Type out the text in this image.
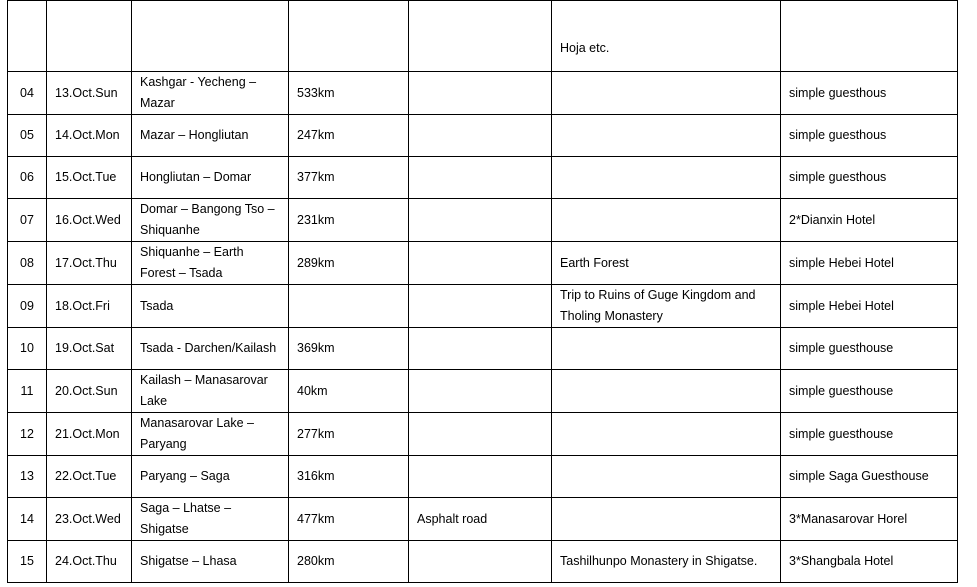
					Hoja etc.	
04	13.Oct.Sun	Kashgar - Yecheng – Mazar	533km			simple guesthous
05	14.Oct.Mon	Mazar – Hongliutan	247km			simple guesthous
06	15.Oct.Tue	Hongliutan – Domar	377km			simple guesthous
07	16.Oct.Wed	Domar – Bangong Tso – Shiquanhe	231km			2*Dianxin Hotel
08	17.Oct.Thu	Shiquanhe – Earth Forest – Tsada	289km		Earth Forest	simple Hebei Hotel
09	18.Oct.Fri	Tsada			Trip to Ruins of Guge Kingdom and Tholing Monastery	simple Hebei Hotel
10	19.Oct.Sat	Tsada - Darchen/Kailash	369km			simple guesthouse
11	20.Oct.Sun	Kailash – Manasarovar Lake	40km			simple guesthouse
12	21.Oct.Mon	Manasarovar Lake – Paryang	277km			simple guesthouse
13	22.Oct.Tue	Paryang – Saga	316km			simple Saga Guesthouse
14	23.Oct.Wed	Saga – Lhatse – Shigatse	477km	Asphalt road		3*Manasarovar Horel
15	24.Oct.Thu	Shigatse – Lhasa	280km		Tashilhunpo Monastery in Shigatse.	3*Shangbala Hotel
